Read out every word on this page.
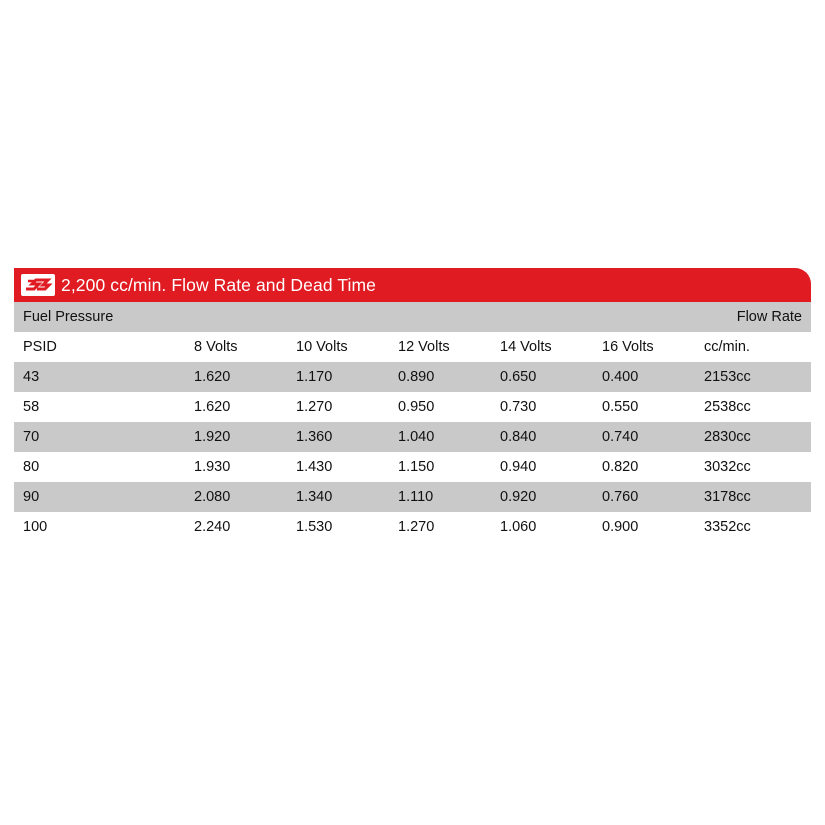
2,200 cc/min. Flow Rate and Dead Time
Fuel Pressure	Flow Rate
PSID	8 Volts	10 Volts	12 Volts	14 Volts	16 Volts	cc/min.
43	1.620	1.170	0.890	0.650	0.400	2153cc
58	1.620	1.270	0.950	0.730	0.550	2538cc
70	1.920	1.360	1.040	0.840	0.740	2830cc
80	1.930	1.430	1.150	0.940	0.820	3032cc
90	2.080	1.340	1.110	0.920	0.760	3178cc
100	2.240	1.530	1.270	1.060	0.900	3352cc
